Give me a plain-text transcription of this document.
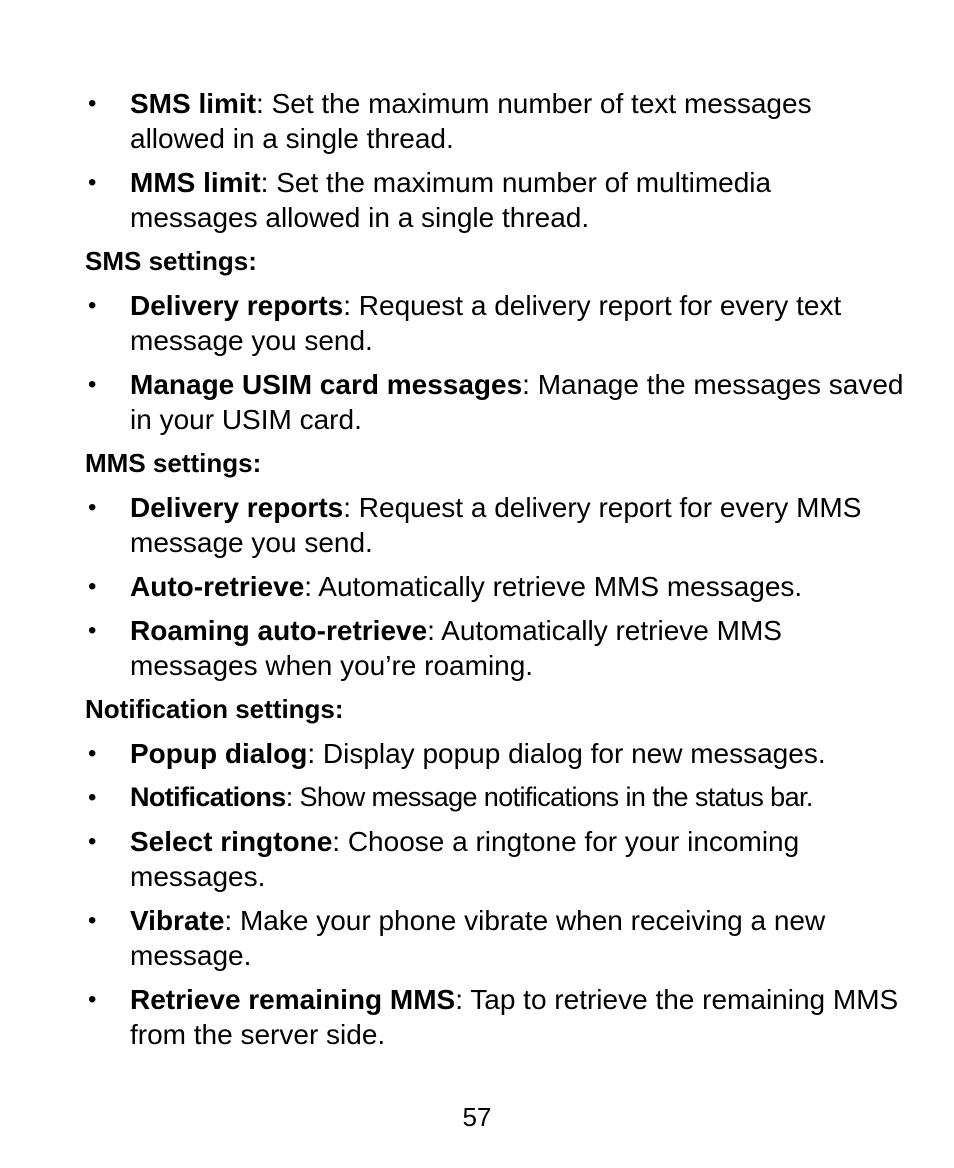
• SMS limit: Set the maximum number of text messages allowed in a single thread.
• MMS limit: Set the maximum number of multimedia messages allowed in a single thread.
SMS settings:
• Delivery reports: Request a delivery report for every text message you send.
• Manage USIM card messages: Manage the messages saved in your USIM card.
MMS settings:
• Delivery reports: Request a delivery report for every MMS message you send.
• Auto-retrieve: Automatically retrieve MMS messages.
• Roaming auto-retrieve: Automatically retrieve MMS messages when you’re roaming.
Notification settings:
• Popup dialog: Display popup dialog for new messages.
• Notifications: Show message notifications in the status bar.
• Select ringtone: Choose a ringtone for your incoming messages.
• Vibrate: Make your phone vibrate when receiving a new message.
• Retrieve remaining MMS: Tap to retrieve the remaining MMS from the server side.
57
